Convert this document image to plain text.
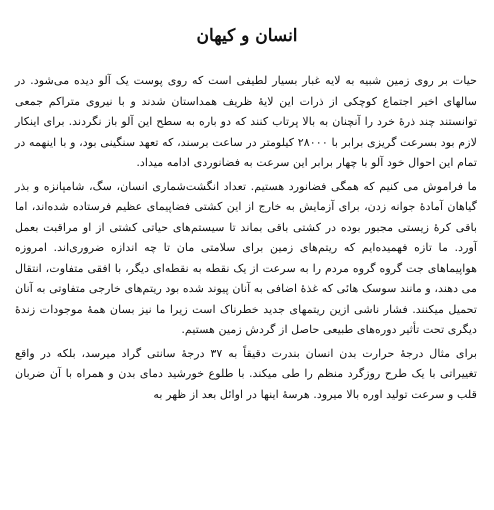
انسان و کیهان

حیات بر روی زمین شبیه به لایه غبار بسیار لطیفی است که روی پوست یک آلو دیده می‌شود. در سالهای اخیر اجتماع کوچکی از ذرات این لایهٔ ظریف همداستان شدند و با نیروی متراکم جمعی توانستند چند ذرهٔ خرد را آنچنان به بالا پرتاب کنند که دو باره به سطح این آلو باز نگردند. برای اینکار لازم بود بسرعت گریزی برابر با ۲۸۰۰۰ کیلومتر در ساعت برسند، که تعهد سنگینی بود، و با اینهمه در تمام این احوال خود آلو با چهار برابر این سرعت به فضانوردی ادامه میداد.

ما فراموش می کنیم که همگی فضانورد هستیم. تعداد انگشت‌شماری انسان، سگ، شامپانزه و بذر گیاهان آمادهٔ جوانه زدن، برای آزمایش به خارج از این کشتی فضاپیمای عظیم فرستاده شده‌اند، اما باقی کرهٔ زیستی مجبور بوده در کشتی باقی بماند تا سیستم‌های حیاتی کشتی از او مراقبت بعمل آورد. ما تازه فهمیده‌ایم که ریتم‌های زمین برای سلامتی مان تا چه اندازه ضروری‌اند. امروزه هواپیماهای جت گروه گروه مردم را به سرعت از یک نقطه به نقطه‌ای دیگر، با افقی متفاوت، انتقال می دهند، و مانند سوسک هائی که غذهٔ اضافی به آنان پیوند شده بود ریتم‌های خارجی متفاوتی به آنان تحمیل میکنند. فشار ناشی ازین ریتمهای جدید خطرناک است زیرا ما نیز بسان همهٔ موجودات زندهٔ دیگری تحت تأثیر دوره‌های طبیعی حاصل از گردش زمین هستیم.

برای مثال درجهٔ حرارت بدن انسان بندرت دقیقاً به ۳۷ درجهٔ سانتی گراد میرسد، بلکه در واقع تغییراتی با یک طرح روزگرد منظم را طی میکند. با طلوع خورشید دمای بدن و همراه با آن ضربان قلب و سرعت تولید اوره بالا میرود. هرسهٔ اینها در اوائل بعد از ظهر به
